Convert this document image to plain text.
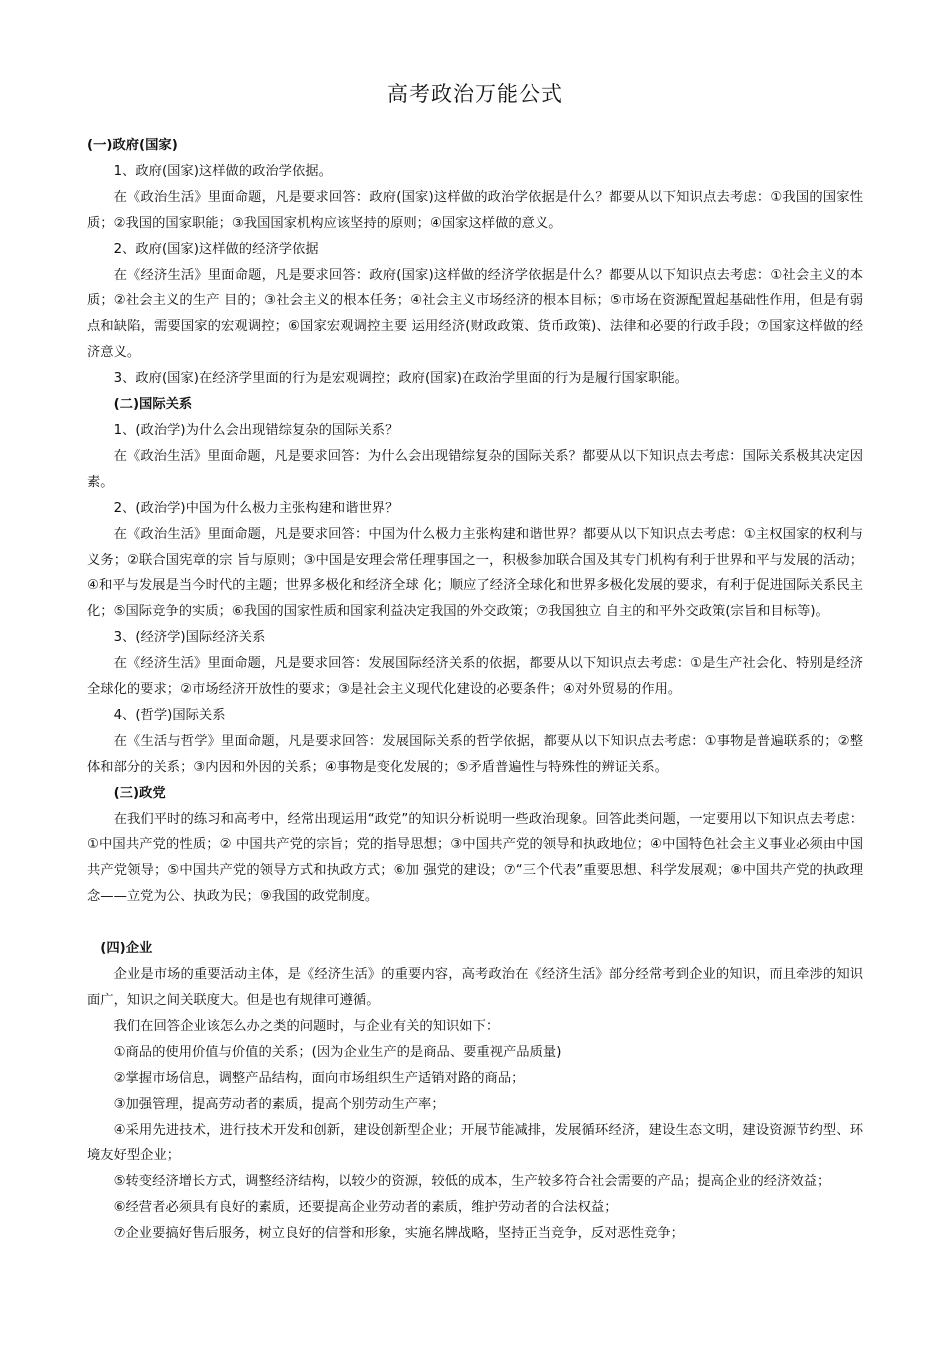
高考政治万能公式

(一)政府(国家)

1、政府(国家)这样做的政治学依据。

在《政治生活》里面命题，凡是要求回答：政府(国家)这样做的政治学依据是什么？都要从以下知识点去考虑：①我国的国家性质；②我国的国家职能；③我国国家机构应该坚持的原则；④国家这样做的意义。

2、政府(国家)这样做的经济学依据

在《经济生活》里面命题，凡是要求回答：政府(国家)这样做的经济学依据是什么？都要从以下知识点去考虑：①社会主义的本质；②社会主义的生产 目的；③社会主义的根本任务；④社会主义市场经济的根本目标；⑤市场在资源配置起基础性作用，但是有弱点和缺陷，需要国家的宏观调控；⑥国家宏观调控主要 运用经济(财政政策、货币政策)、法律和必要的行政手段；⑦国家这样做的经济意义。

3、政府(国家)在经济学里面的行为是宏观调控；政府(国家)在政治学里面的行为是履行国家职能。

(二)国际关系

1、(政治学)为什么会出现错综复杂的国际关系？

在《政治生活》里面命题，凡是要求回答：为什么会出现错综复杂的国际关系？都要从以下知识点去考虑：国际关系极其决定因素。

2、(政治学)中国为什么极力主张构建和谐世界？

在《政治生活》里面命题，凡是要求回答：中国为什么极力主张构建和谐世界？都要从以下知识点去考虑：①主权国家的权利与义务；②联合国宪章的宗 旨与原则；③中国是安理会常任理事国之一，积极参加联合国及其专门机构有利于世界和平与发展的活动；④和平与发展是当今时代的主题；世界多极化和经济全球 化；顺应了经济全球化和世界多极化发展的要求，有利于促进国际关系民主化；⑤国际竞争的实质；⑥我国的国家性质和国家利益决定我国的外交政策；⑦我国独立 自主的和平外交政策(宗旨和目标等)。

3、(经济学)国际经济关系

在《经济生活》里面命题，凡是要求回答：发展国际经济关系的依据，都要从以下知识点去考虑：①是生产社会化、特别是经济全球化的要求；②市场经济开放性的要求；③是社会主义现代化建设的必要条件；④对外贸易的作用。

4、(哲学)国际关系

在《生活与哲学》里面命题，凡是要求回答：发展国际关系的哲学依据，都要从以下知识点去考虑：①事物是普遍联系的；②整体和部分的关系；③内因和外因的关系；④事物是变化发展的；⑤矛盾普遍性与特殊性的辨证关系。

(三)政党

在我们平时的练习和高考中，经常出现运用“政党”的知识分析说明一些政治现象。回答此类问题，一定要用以下知识点去考虑：①中国共产党的性质；② 中国共产党的宗旨；党的指导思想；③中国共产党的领导和执政地位；④中国特色社会主义事业必须由中国共产党领导；⑤中国共产党的领导方式和执政方式；⑥加 强党的建设；⑦“三个代表”重要思想、科学发展观；⑧中国共产党的执政理念——立党为公、执政为民；⑨我国的政党制度。

(四)企业

企业是市场的重要活动主体，是《经济生活》的重要内容，高考政治在《经济生活》部分经常考到企业的知识，而且牵涉的知识面广，知识之间关联度大。但是也有规律可遵循。

我们在回答企业该怎么办之类的问题时，与企业有关的知识如下：

①商品的使用价值与价值的关系；(因为企业生产的是商品、要重视产品质量)

②掌握市场信息，调整产品结构，面向市场组织生产适销对路的商品；

③加强管理，提高劳动者的素质，提高个别劳动生产率；

④采用先进技术，进行技术开发和创新，建设创新型企业；开展节能减排，发展循环经济，建设生态文明，建设资源节约型、环境友好型企业；

⑤转变经济增长方式，调整经济结构，以较少的资源，较低的成本，生产较多符合社会需要的产品；提高企业的经济效益；

⑥经营者必须具有良好的素质，还要提高企业劳动者的素质，维护劳动者的合法权益；

⑦企业要搞好售后服务，树立良好的信誉和形象，实施名牌战略，坚持正当竞争，反对恶性竞争；
